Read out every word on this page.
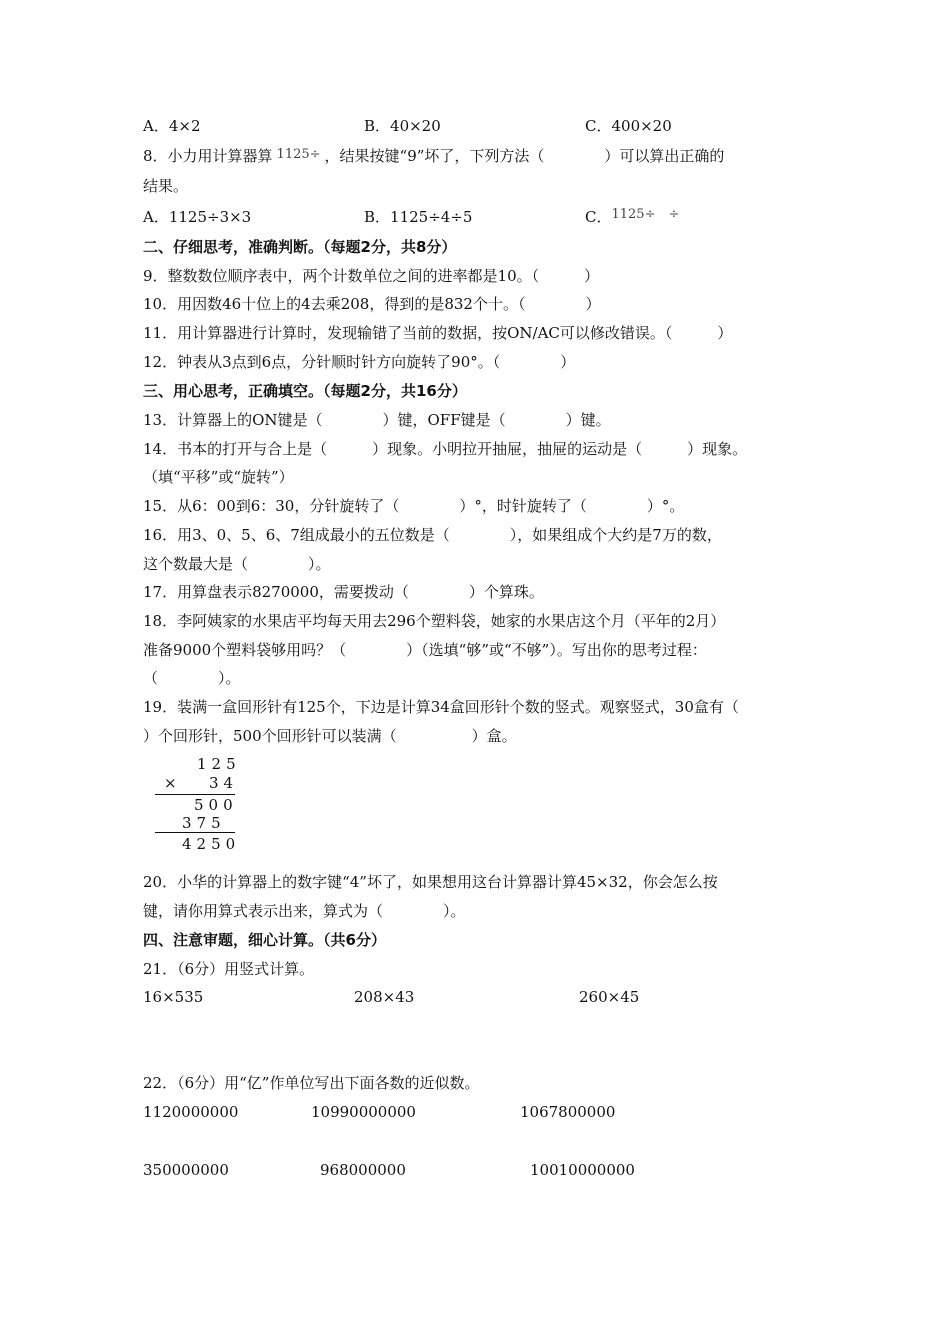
A．4×2	B．40×20	C．400×20
8．小力用计算器算 1125÷ ，结果按键“9”坏了，下列方法（　　　　）可以算出正确的
结果。
A．1125÷3×3	B．1125÷4÷5	C．1125÷　÷
二、仔细思考，准确判断。（每题2分，共8分）
9．整数数位顺序表中，两个计数单位之间的进率都是10。（　　　）
10．用因数46十位上的4去乘208，得到的是832个十。（　　　　）
11．用计算器进行计算时，发现输错了当前的数据，按ON/AC可以修改错误。（　　　）
12．钟表从3点到6点，分针顺时针方向旋转了90°。（　　　　）
三、用心思考，正确填空。（每题2分，共16分）
13．计算器上的ON键是（　　　　）键，OFF键是（　　　　）键。
14．书本的打开与合上是（　　　）现象。小明拉开抽屉，抽屉的运动是（　　　）现象。
（填“平移”或“旋转”）
15．从6：00到6：30，分针旋转了（　　　　）°，时针旋转了（　　　　）°。
16．用3、0、5、6、7组成最小的五位数是（　　　　），如果组成个大约是7万的数，
这个数最大是（　　　　）。
17．用算盘表示8270000，需要拨动（　　　　）个算珠。
18．李阿姨家的水果店平均每天用去296个塑料袋，她家的水果店这个月（平年的2月）
准备9000个塑料袋够用吗？（　　　　）（选填“够”或“不够”）。写出你的思考过程：
（　　　　）。
19．装满一盒回形针有125个，下边是计算34盒回形针个数的竖式。观察竖式，30盒有（
）个回形针，500个回形针可以装满（　　　　　）盒。
125
× 34
500
375
4250
20．小华的计算器上的数字键“4”坏了，如果想用这台计算器计算45×32，你会怎么按
键，请你用算式表示出来，算式为（　　　　）。
四、注意审题，细心计算。（共6分）
21．（6分）用竖式计算。
16×535	208×43	260×45
22．（6分）用“亿”作单位写出下面各数的近似数。
1120000000	10990000000	1067800000
350000000	968000000	10010000000
